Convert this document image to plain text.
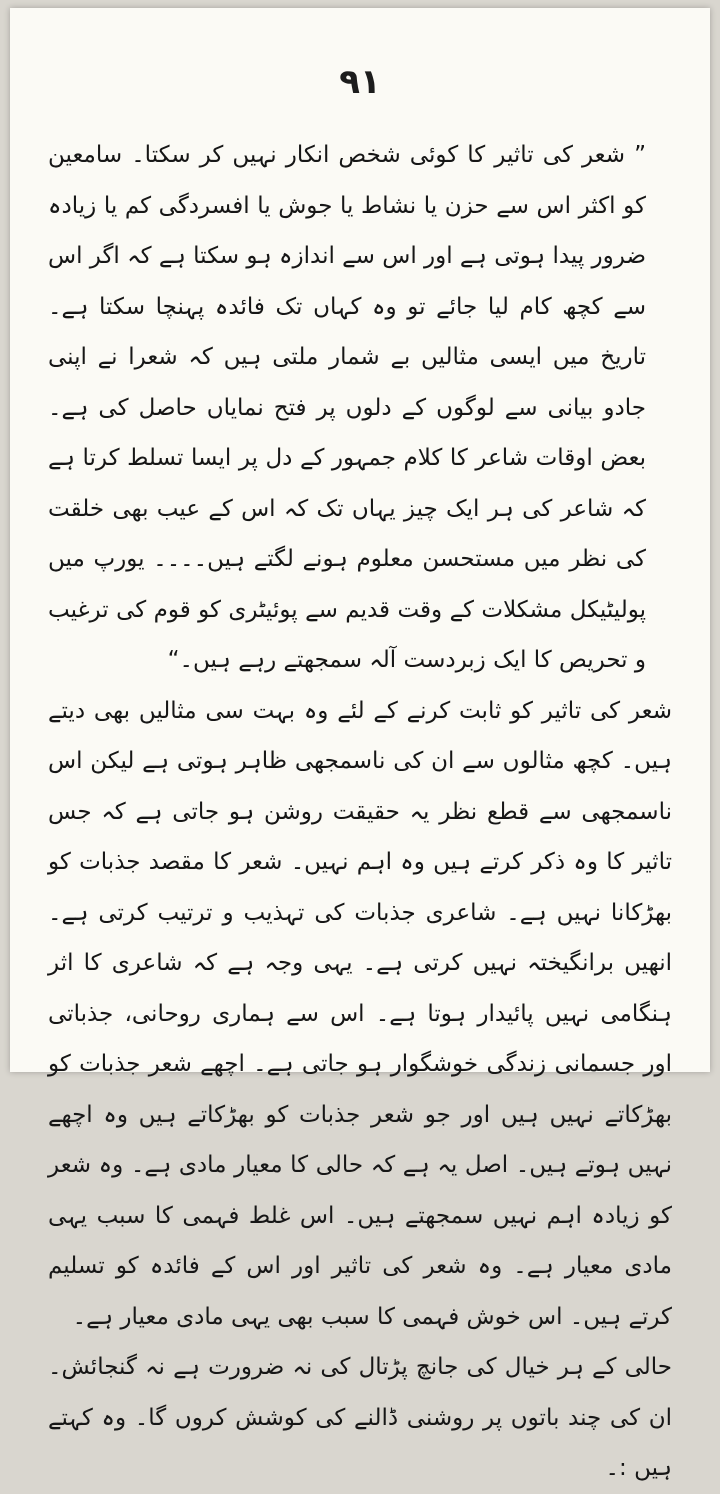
۹۱

” شعر کی تاثیر کا کوئی شخص انکار نہیں کر سکتا۔ سامعین کو اکثر اس سے حزن یا نشاط یا جوش یا افسردگی کم یا زیادہ ضرور پیدا ہوتی ہے اور اس سے اندازہ ہو سکتا ہے کہ اگر اس سے کچھ کام لیا جائے تو وہ کہاں تک فائدہ پہنچا سکتا ہے۔ تاریخ میں ایسی مثالیں بے شمار ملتی ہیں کہ شعرا نے اپنی جادو بیانی سے لوگوں کے دلوں پر فتح نمایاں حاصل کی ہے۔ بعض اوقات شاعر کا کلام جمہور کے دل پر ایسا تسلط کرتا ہے کہ شاعر کی ہر ایک چیز یہاں تک کہ اس کے عیب بھی خلقت کی نظر میں مستحسن معلوم ہونے لگتے ہیں۔۔۔۔ یورپ میں پولیٹیکل مشکلات کے وقت قدیم سے پوئیٹری کو قوم کی ترغیب و تحریص کا ایک زبردست آلہ سمجھتے رہے ہیں۔“

شعر کی تاثیر کو ثابت کرنے کے لئے وہ بہت سی مثالیں بھی دیتے ہیں۔ کچھ مثالوں سے ان کی ناسمجھی ظاہر ہوتی ہے لیکن اس ناسمجھی سے قطع نظر یہ حقیقت روشن ہو جاتی ہے کہ جس تاثیر کا وہ ذکر کرتے ہیں وہ اہم نہیں۔ شعر کا مقصد جذبات کو بھڑکانا نہیں ہے۔ شاعری جذبات کی تہذیب و ترتیب کرتی ہے۔ انھیں برانگیختہ نہیں کرتی ہے۔ یہی وجہ ہے کہ شاعری کا اثر ہنگامی نہیں پائیدار ہوتا ہے۔ اس سے ہماری روحانی، جذباتی اور جسمانی زندگی خوشگوار ہو جاتی ہے۔ اچھے شعر جذبات کو بھڑکاتے نہیں ہیں اور جو شعر جذبات کو بھڑکاتے ہیں وہ اچھے نہیں ہوتے ہیں۔ اصل یہ ہے کہ حالی کا معیار مادی ہے۔ وہ شعر کو زیادہ اہم نہیں سمجھتے ہیں۔ اس غلط فہمی کا سبب یہی مادی معیار ہے۔ وہ شعر کی تاثیر اور اس کے فائدہ کو تسلیم کرتے ہیں۔ اس خوش فہمی کا سبب بھی یہی مادی معیار ہے۔

حالی کے ہر خیال کی جانچ پڑتال کی نہ ضرورت ہے نہ گنجائش۔ ان کی چند باتوں پر روشنی ڈالنے کی کوشش کروں گا۔ وہ کہتے ہیں :۔
